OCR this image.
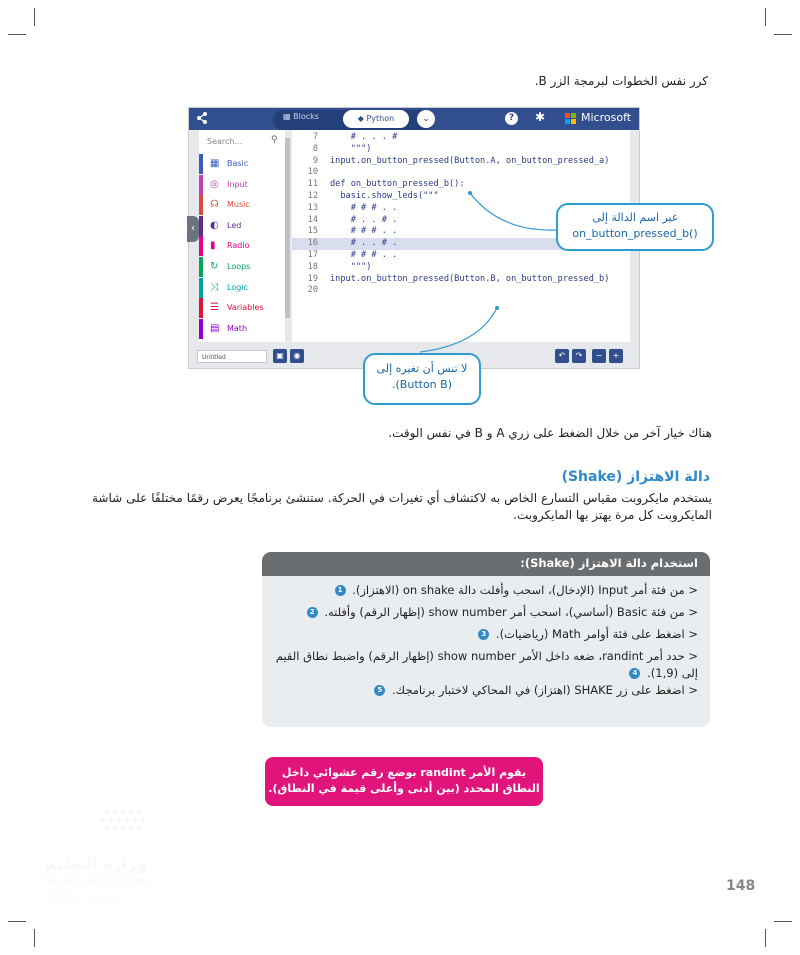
كرر نفس الخطوات لبرمجة الزر B.
▦ Blocks	◆ Python	⌄	?	✱	Microsoft
Search...	⚲
▦ Basic
◎ Input
☊ Music
◐ Led
▮ Radio
↻ Loops
⤨ Logic
☰ Variables
▤ Math
‹
7 # . . . #
8 """)
9 input.on_button_pressed(Button.A, on_button_pressed_a)
10
11 def on_button_pressed_b():
12 basic.show_leds("""
13 # # # . .
14 # . . # .
15 # # # . .
16 # . . # .
17 # # # . .
18 """)
19 input.on_button_pressed(Button.B, on_button_pressed_b)
20
Untitled	▣	◉	↶	↷	−	+
غير اسم الدالة إلى
on_button_pressed_b()
لا تنس أن تغيره إلى
.(Button B)
هناك خيار آخر من خلال الضغط على زري A و B في نفس الوقت.
دالة الاهتزاز (Shake)
يستخدم مايكروبت مقياس التسارع الخاص به لاكتشاف أي تغيرات في الحركة. ستنشئ برنامجًا يعرض رقمًا مختلفًا على شاشة المايكروبت كل مرة يهتز بها المايكروبت.
استخدام دالة الاهتزاز (Shake):
< من فئة أمر Input (الإدخال)، اسحب وأفلت دالة on shake (الاهتزاز). 1
< من فئة Basic (أساسي)، اسحب أمر show number (إظهار الرقم) وأفلته. 2
< اضغط على فئة أوامر Math (رياضيات). 3
< حدد أمر randint، ضعه داخل الأمر show number (إظهار الرقم) واضبط نطاق القيم إلى (1,9). 4
< اضغط على زر SHAKE (اهتزاز) في المحاكي لاختبار برنامجك. 5
يقوم الأمر randint بوضع رقم عشوائي داخل النطاق المحدد (بين أدنى وأعلى قيمة في النطاق).
وزارة التعليم
Ministry of Education
2020 - 1442
148
